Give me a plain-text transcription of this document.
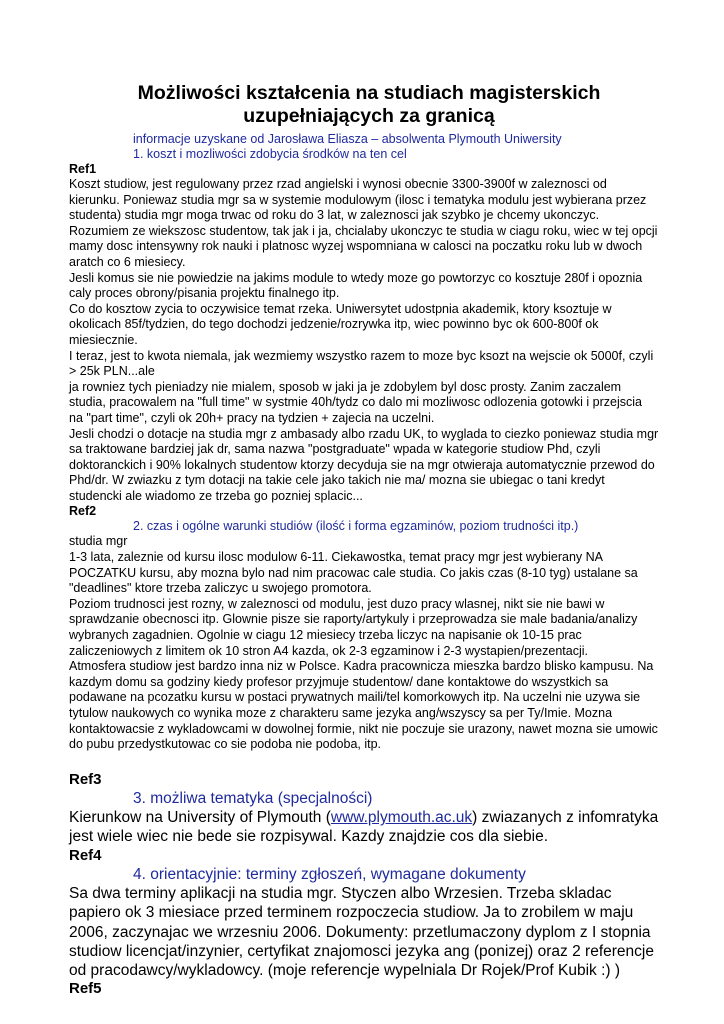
Możliwości kształcenia na studiach magisterskich
uzupełniających za granicą
informacje uzyskane od Jarosława Eliasza – absolwenta Plymouth Uniwersity
1. koszt i mozliwości zdobycia środków na ten cel
Ref1

Koszt studiow, jest regulowany przez rzad angielski i wynosi obecnie 3300-3900f w zaleznosci od kierunku. Poniewaz studia mgr sa w systemie modulowym (ilosc i tematyka modulu jest wybierana przez studenta) studia mgr moga trwac od roku do 3 lat, w zaleznosci jak szybko je chcemy ukonczyc. Rozumiem ze wiekszosc studentow, tak jak i ja, chcialaby ukonczyc te studia w ciagu roku, wiec w tej opcji mamy dosc intensywny rok nauki i platnosc wyzej wspomniana w calosci na poczatku roku lub w dwoch aratch co 6 miesiecy.

Jesli komus sie nie powiedzie na jakims module to wtedy moze go powtorzyc co kosztuje 280f i opoznia caly proces obrony/pisania projektu finalnego itp.

Co do kosztow zycia to oczywisice temat rzeka. Uniwersytet udostpnia akademik, ktory ksoztuje w okolicach 85f/tydzien, do tego dochodzi jedzenie/rozrywka itp, wiec powinno byc ok 600-800f ok miesiecznie.

I teraz, jest to kwota niemala, jak wezmiemy wszystko razem to moze byc ksozt na wejscie ok 5000f, czyli > 25k PLN...ale

ja rowniez tych pieniadzy nie mialem, sposob w jaki ja je zdobylem byl dosc prosty. Zanim zaczalem studia, pracowalem na "full time" w systmie 40h/tydz co dalo mi mozliwosc odlozenia gotowki i przejscia na "part time", czyli ok 20h+ pracy na tydzien + zajecia na uczelni.

Jesli chodzi o dotacje na studia mgr z ambasady albo rzadu UK, to wyglada to ciezko poniewaz studia mgr sa traktowane bardziej jak dr, sama nazwa "postgraduate" wpada w kategorie studiow Phd, czyli doktoranckich i 90% lokalnych studentow ktorzy decyduja sie na mgr otwieraja automatycznie przewod do Phd/dr. W zwiazku z tym dotacji na takie cele jako takich nie ma/ mozna sie ubiegac o tani kredyt studencki ale wiadomo ze trzeba go pozniej splacic...

Ref2
2. czas i ogólne warunki studiów (ilość i forma egzaminów, poziom trudności itp.)

studia mgr

1-3 lata, zaleznie od kursu ilosc modulow 6-11. Ciekawostka, temat pracy mgr jest wybierany NA POCZATKU kursu, aby mozna bylo nad nim pracowac cale studia. Co jakis czas (8-10 tyg) ustalane sa "deadlines" ktore trzeba zaliczyc u swojego promotora.

Poziom trudnosci jest rozny, w zaleznosci od modulu, jest duzo pracy wlasnej, nikt sie nie bawi w sprawdzanie obecnosci itp. Glownie pisze sie raporty/artykuly i przeprowadza sie male badania/analizy wybranych zagadnien. Ogolnie w ciagu 12 miesiecy trzeba liczyc na napisanie ok 10-15 prac zaliczeniowych z limitem ok 10 stron A4 kazda, ok 2-3 egzaminow i 2-3 wystapien/prezentacji.

Atmosfera studiow jest bardzo inna niz w Polsce. Kadra pracownicza mieszka bardzo blisko kampusu. Na kazdym domu sa godziny kiedy profesor przyjmuje studentow/ dane kontaktowe do wszystkich sa podawane na pcozatku kursu w postaci prywatnych maili/tel komorkowych itp. Na uczelni nie uzywa sie tytulow naukowych co wynika moze z charakteru same jezyka ang/wszyscy sa per Ty/Imie. Mozna kontaktowacsie z wykladowcami w dowolnej formie, nikt nie poczuje sie urazony, nawet mozna sie umowic do pubu przedystkutowac co sie podoba nie podoba, itp.

Ref3
3. możliwa tematyka (specjalności)

Kierunkow na University of Plymouth (www.plymouth.ac.uk) zwiazanych z infomratyka jest wiele wiec nie bede sie rozpisywal. Kazdy znajdzie cos dla siebie.

Ref4
4. orientacyjnie: terminy zgłoszeń, wymagane dokumenty

Sa dwa terminy aplikacji na studia mgr. Styczen albo Wrzesien. Trzeba skladac papiero ok 3 miesiace przed terminem rozpoczecia studiow. Ja to zrobilem w maju 2006, zaczynajac we wrzesniu 2006. Dokumenty: przetlumaczony dyplom z I stopnia studiow licencjat/inzynier, certyfikat znajomosci jezyka ang (ponizej) oraz 2 referencje od pracodawcy/wykladowcy. (moje referencje wypelniala Dr Rojek/Prof Kubik :) )

Ref5
